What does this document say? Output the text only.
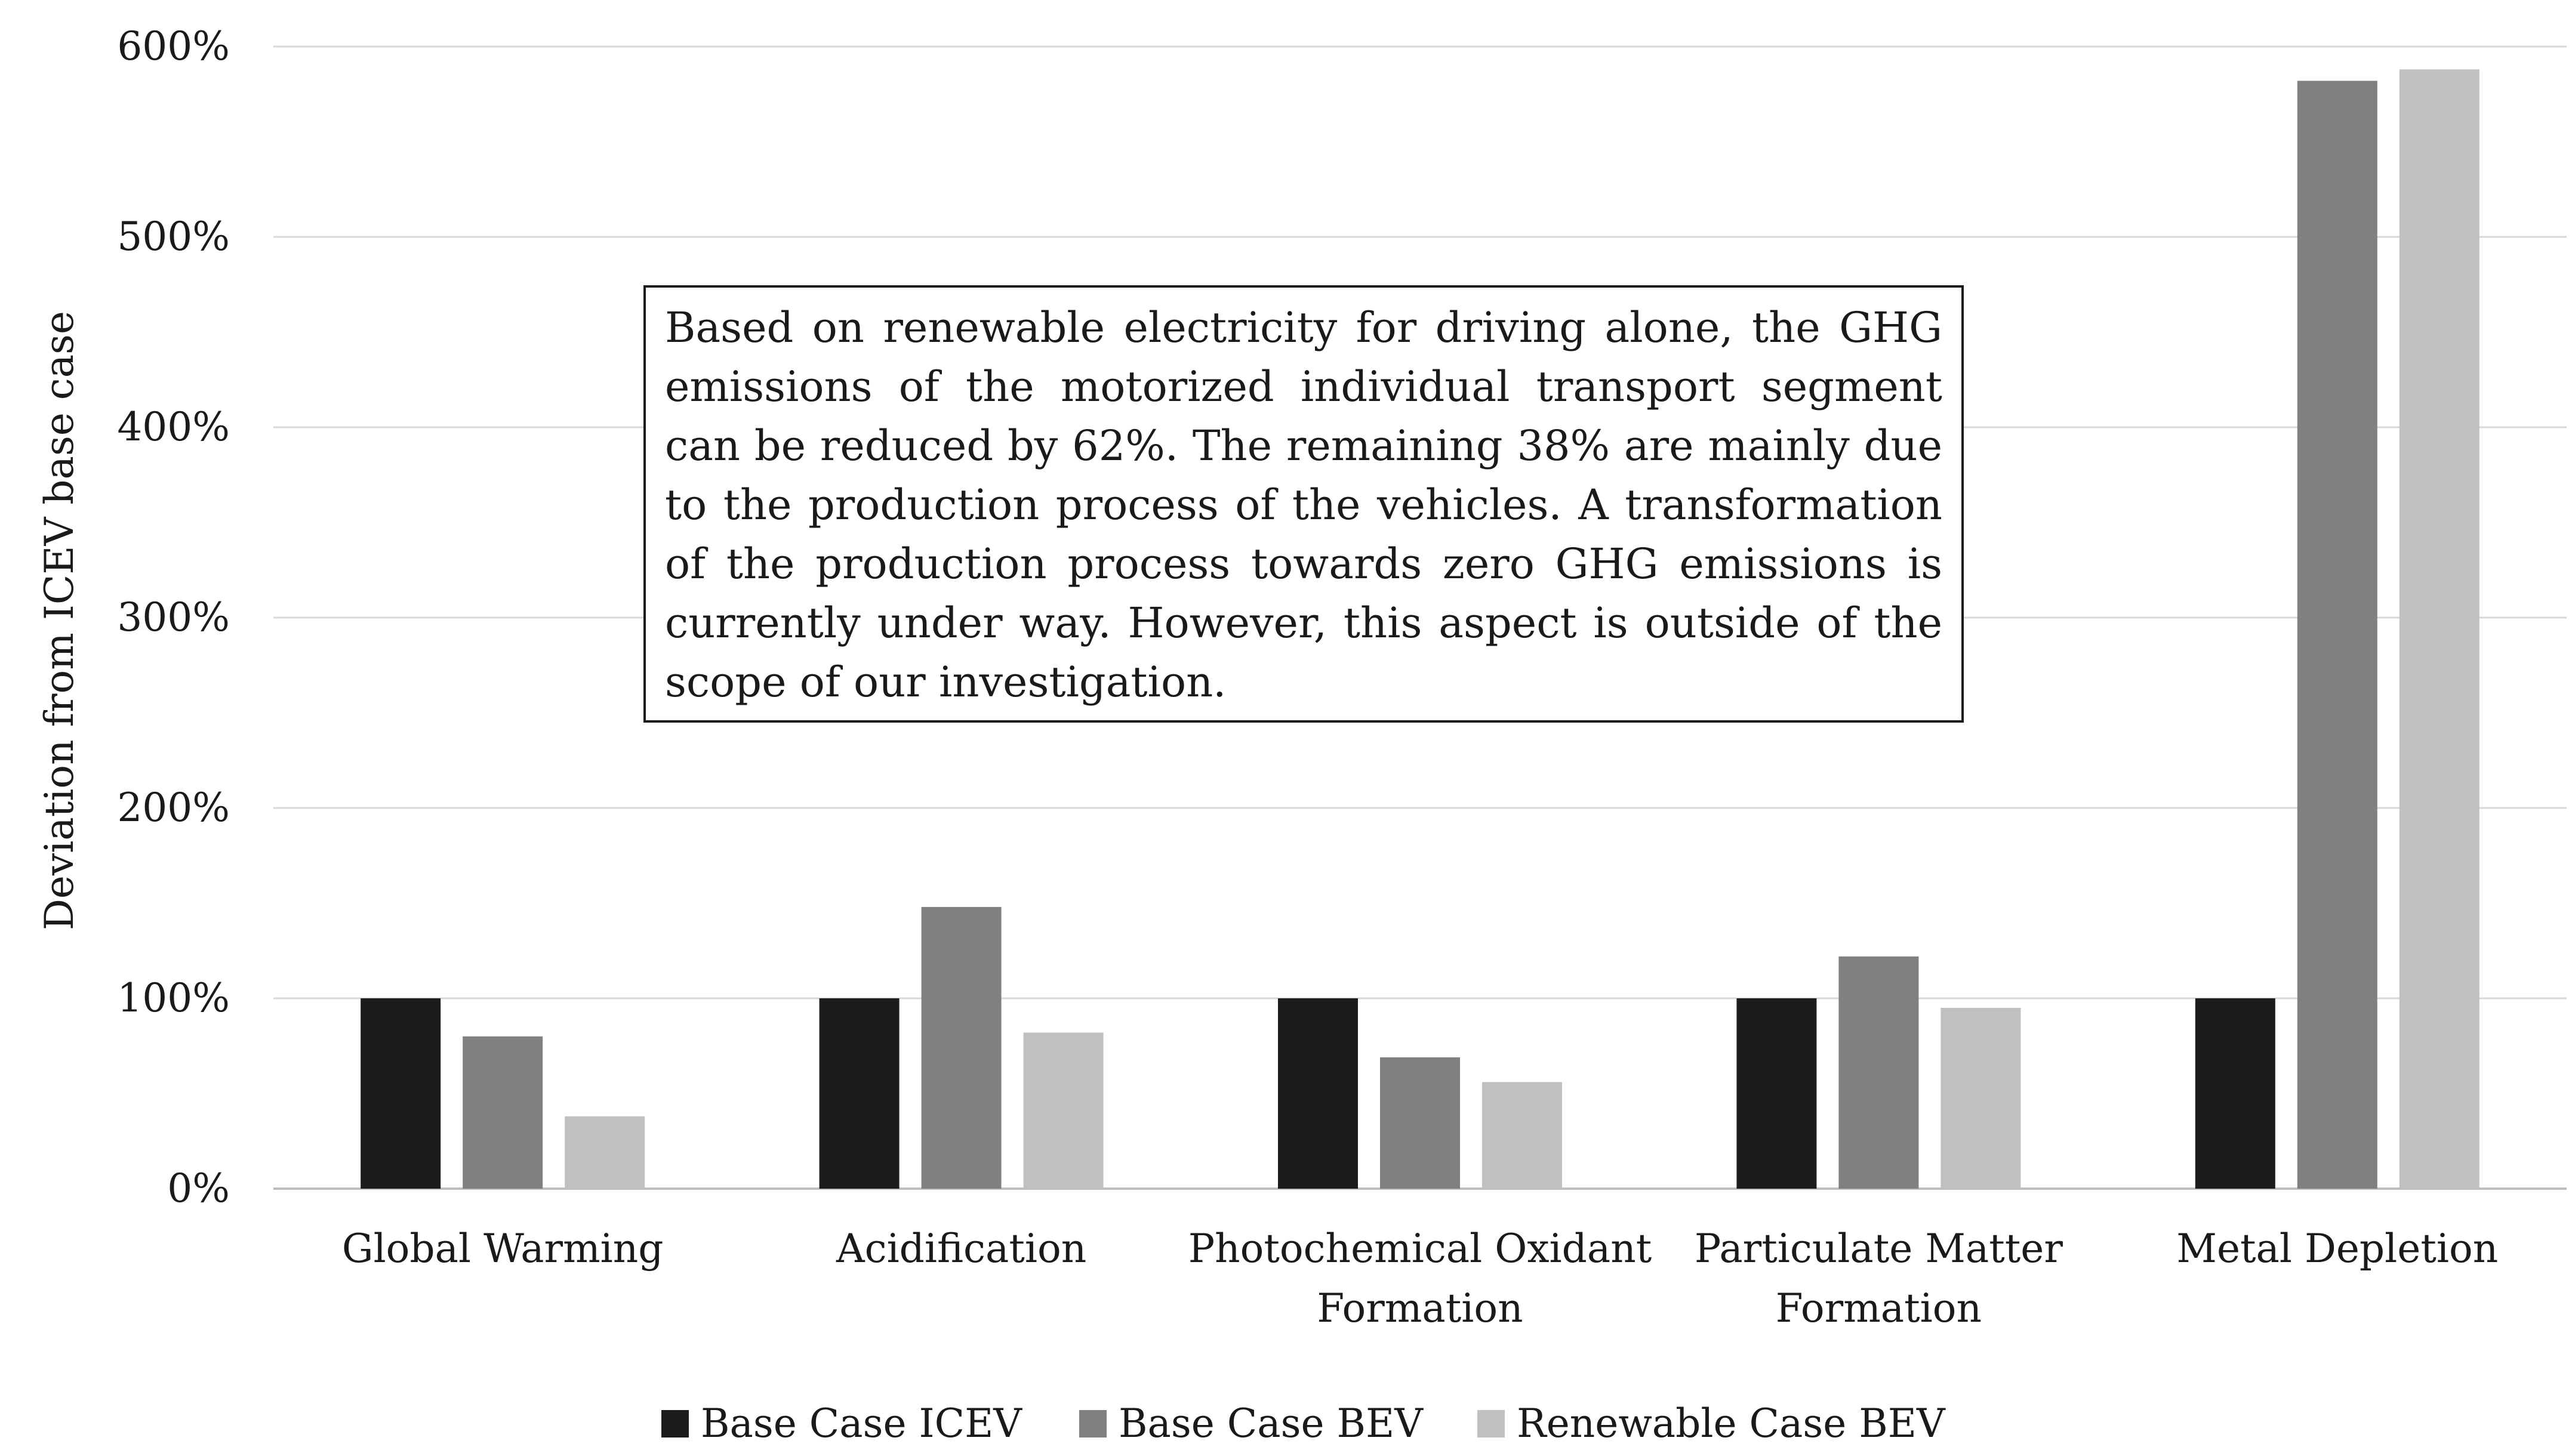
0%
100%
200%
300%
400%
500%
600%
Global Warming	Acidification	Photochemical Oxidant
Formation
Particulate Matter
Formation
Metal Depletion
Deviation from ICEV base case
Base Case ICEV Base Case BEV Renewable Case BEV
Based on renewable electricity for driving alone, the GHG emissions of the motorized individual transport segment can be reduced by 62%. The remaining 38% are mainly due to the production process of the vehicles. A transformation of the production process towards zero GHG emissions is currently under way. However, this aspect is outside of the scope of our investigation.
